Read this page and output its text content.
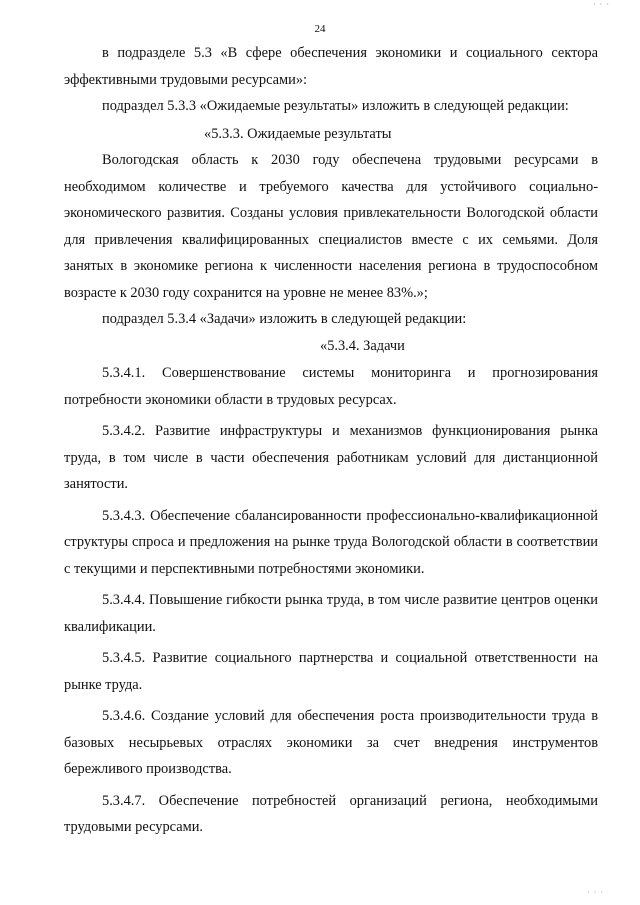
· · ·
24

в подразделе 5.3 «В сфере обеспечения экономики и социального сектора эффективными трудовыми ресурсами»:

подраздел 5.3.3 «Ожидаемые результаты» изложить в следующей редакции:

«5.3.3. Ожидаемые результаты

Вологодская область к 2030 году обеспечена трудовыми ресурсами в необходимом количестве и требуемого качества для устойчивого социально-экономического развития. Созданы условия привлекательности Вологодской области для привлечения квалифицированных специалистов вместе с их семьями. Доля занятых в экономике региона к численности населения региона в трудоспособном возрасте к 2030 году сохранится на уровне не менее 83%.»;

подраздел 5.3.4 «Задачи» изложить в следующей редакции:

«5.3.4. Задачи

5.3.4.1. Совершенствование системы мониторинга и прогнозирования потребности экономики области в трудовых ресурсах.

5.3.4.2. Развитие инфраструктуры и механизмов функционирования рынка труда, в том числе в части обеспечения работникам условий для дистанционной занятости.

5.3.4.3. Обеспечение сбалансированности профессионально-квалификационной структуры спроса и предложения на рынке труда Вологодской области в соответствии с текущими и перспективными потребностями экономики.

5.3.4.4. Повышение гибкости рынка труда, в том числе развитие центров оценки квалификации.

5.3.4.5. Развитие социального партнерства и социальной ответственности на рынке труда.

5.3.4.6. Создание условий для обеспечения роста производительности труда в базовых несырьевых отраслях экономики за счет внедрения инструментов бережливого производства.

5.3.4.7. Обеспечение потребностей организаций региона, необходимыми трудовыми ресурсами.

· · ·
